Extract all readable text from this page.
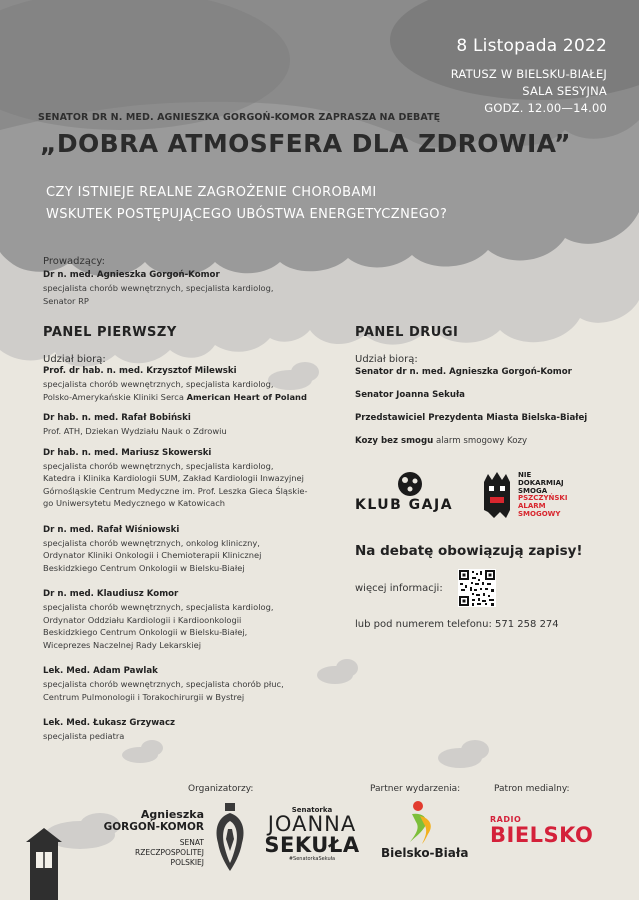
8 Listopada 2022
RATUSZ W BIELSKU-BIAŁEJ
SALA SESYJNA
GODZ. 12.00—14.00
SENATOR DR N. MED. AGNIESZKA GORGOŃ-KOMOR ZAPRASZA NA DEBATĘ
„DOBRA ATMOSFERA DLA ZDROWIA”
CZY ISTNIEJE REALNE ZAGROŻENIE CHOROBAMI
WSKUTEK POSTĘPUJĄCEGO UBÓSTWA ENERGETYCZNEGO?
Prowadzący:
Dr n. med. Agnieszka Gorgoń-Komor
specjalista chorób wewnętrznych, specjalista kardiolog,
Senator RP
PANEL PIERWSZY
Udział biorą:
Prof. dr hab. n. med. Krzysztof Milewski
specjalista chorób wewnętrznych, specjalista kardiolog,
Polsko-Amerykańskie Kliniki Serca American Heart of Poland
Dr hab. n. med. Rafał Bobiński
Prof. ATH, Dziekan Wydziału Nauk o Zdrowiu
Dr hab. n. med. Mariusz Skowerski
specjalista chorób wewnętrznych, specjalista kardiolog,
Katedra i Klinika Kardiologii SUM, Zakład Kardiologii Inwazyjnej
Górnośląskie Centrum Medyczne im. Prof. Leszka Gieca Śląskie-
go Uniwersytetu Medycznego w Katowicach
Dr n. med. Rafał Wiśniowski
specjalista chorób wewnętrznych, onkolog kliniczny,
Ordynator Kliniki Onkologii i Chemioterapii Klinicznej
Beskidzkiego Centrum Onkologii w Bielsku-Białej
Dr n. med. Klaudiusz Komor
specjalista chorób wewnętrznych, specjalista kardiolog,
Ordynator Oddziału Kardiologii i Kardioonkologii
Beskidzkiego Centrum Onkologii w Bielsku-Białej,
Wiceprezes Naczelnej Rady Lekarskiej
Lek. Med. Adam Pawlak
specjalista chorób wewnętrznych, specjalista chorób płuc,
Centrum Pulmonologii i Torakochirurgii w Bystrej
Lek. Med. Łukasz Grzywacz
specjalista pediatra
PANEL DRUGI
Udział biorą:
Senator dr n. med. Agnieszka Gorgoń-Komor
Senator Joanna Sekuła
Przedstawiciel Prezydenta Miasta Bielska-Białej
Kozy bez smogu alarm smogowy Kozy
KLUB GAJA
NIE
DOKARMIAJ
SMOGA
PSZCZYŃSKI
ALARM
SMOGOWY
Na debatę obowiązują zapisy!
więcej informacji:
lub pod numerem telefonu: 571 258 274
Organizatorzy:	Partner wydarzenia:	Patron medialny:
Agnieszka
GORGOŃ-KOMOR
SENAT
RZECZPOSPOLITEJ
POLSKIEJ
Senatorka
JOANNA
SEKUŁA
#SenatorkaSekuła	Bielsko-Biała
RADIO
BIELSKO
